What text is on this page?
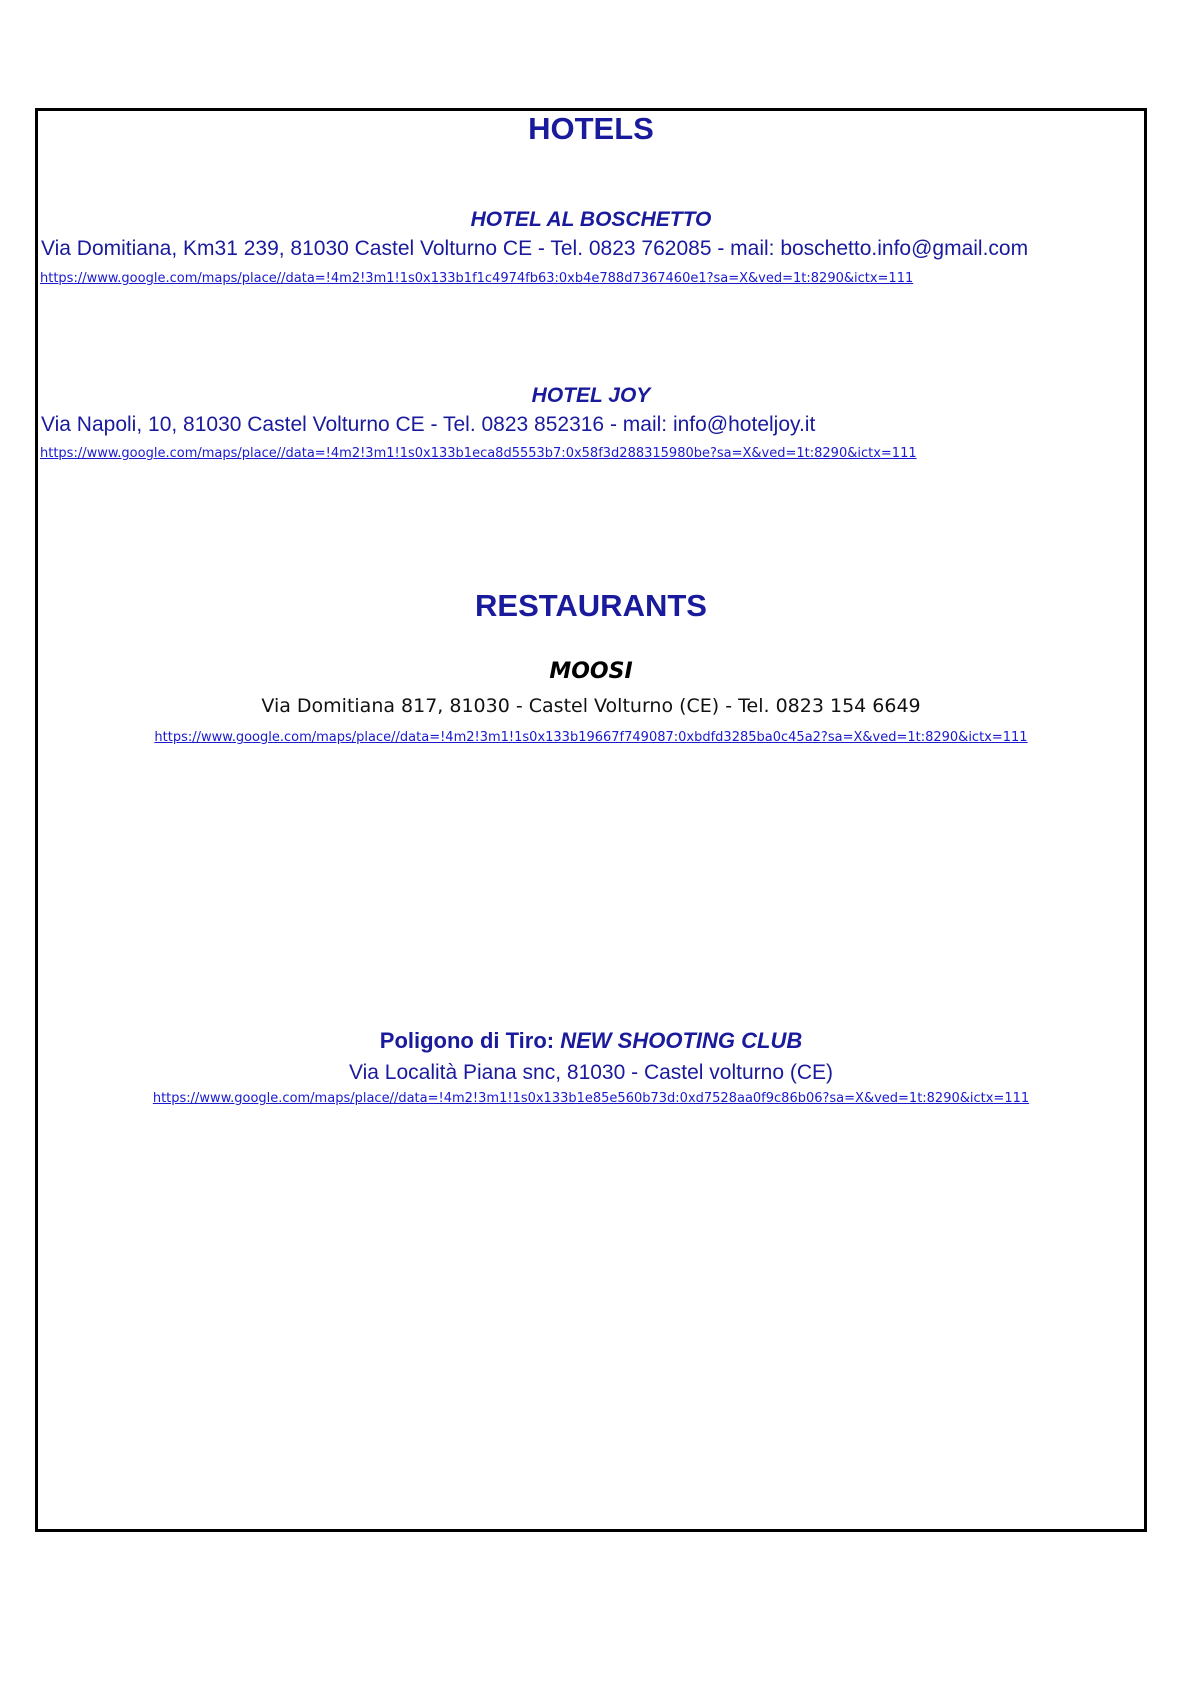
HOTELS
HOTEL AL BOSCHETTO
Via Domitiana, Km31 239, 81030 Castel Volturno CE - Tel. 0823 762085 - mail: boschetto.info@gmail.com
https://www.google.com/maps/place//data=!4m2!3m1!1s0x133b1f1c4974fb63:0xb4e788d7367460e1?sa=X&ved=1t:8290&ictx=111
HOTEL JOY
Via Napoli, 10, 81030 Castel Volturno CE - Tel. 0823 852316 - mail: info@hoteljoy.it
https://www.google.com/maps/place//data=!4m2!3m1!1s0x133b1eca8d5553b7:0x58f3d288315980be?sa=X&ved=1t:8290&ictx=111
RESTAURANTS
MOOSI
Via Domitiana 817, 81030 - Castel Volturno (CE) - Tel. 0823 154 6649
https://www.google.com/maps/place//data=!4m2!3m1!1s0x133b19667f749087:0xbdfd3285ba0c45a2?sa=X&ved=1t:8290&ictx=111
Poligono di Tiro: NEW SHOOTING CLUB
Via Località Piana snc, 81030 - Castel volturno (CE)
https://www.google.com/maps/place//data=!4m2!3m1!1s0x133b1e85e560b73d:0xd7528aa0f9c86b06?sa=X&ved=1t:8290&ictx=111
